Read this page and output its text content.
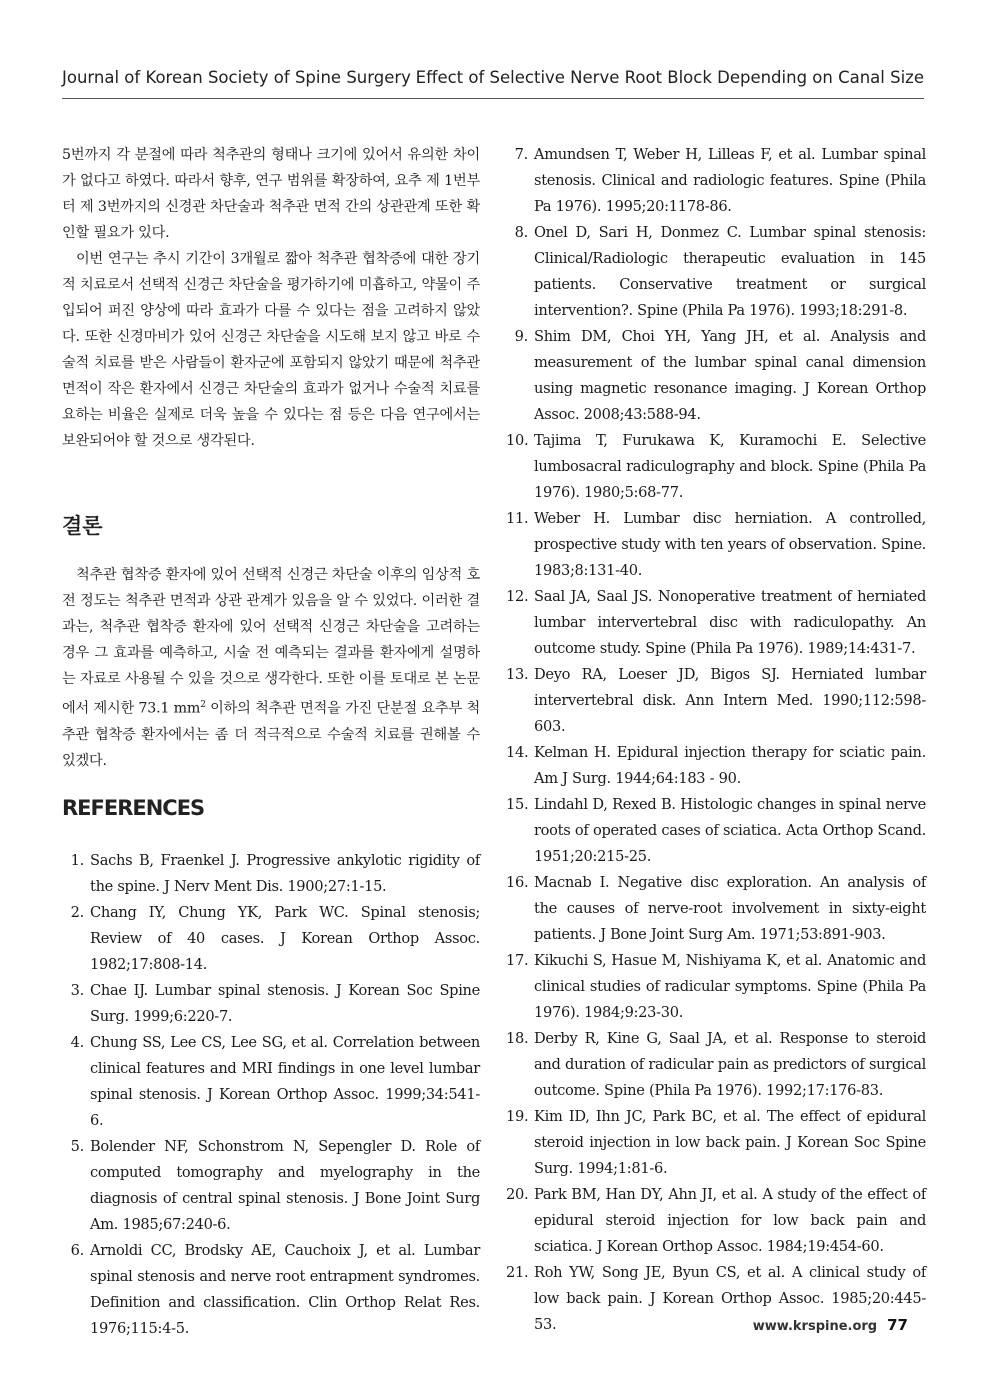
Journal of Korean Society of Spine Surgery Effect of Selective Nerve Root Block Depending on Canal Size

5번까지 각 분절에 따라 척추관의 형태나 크기에 있어서 유의한 차이가 없다고 하였다. 따라서 향후, 연구 범위를 확장하여, 요추 제 1번부터 제 3번까지의 신경관 차단술과 척추관 면적 간의 상관관계 또한 확인할 필요가 있다.

이번 연구는 추시 기간이 3개월로 짧아 척추관 협착증에 대한 장기적 치료로서 선택적 신경근 차단술을 평가하기에 미흡하고, 약물이 주입되어 퍼진 양상에 따라 효과가 다를 수 있다는 점을 고려하지 않았다. 또한 신경마비가 있어 신경근 차단술을 시도해 보지 않고 바로 수술적 치료를 받은 사람들이 환자군에 포함되지 않았기 때문에 척추관 면적이 작은 환자에서 신경근 차단술의 효과가 없거나 수술적 치료를 요하는 비율은 실제로 더욱 높을 수 있다는 점 등은 다음 연구에서는 보완되어야 할 것으로 생각된다.

결론

척추관 협착증 환자에 있어 선택적 신경근 차단술 이후의 임상적 호전 정도는 척추관 면적과 상관 관계가 있음을 알 수 있었다. 이러한 결과는, 척추관 협착증 환자에 있어 선택적 신경근 차단술을 고려하는 경우 그 효과를 예측하고, 시술 전 예측되는 결과를 환자에게 설명하는 자료로 사용될 수 있을 것으로 생각한다. 또한 이를 토대로 본 논문에서 제시한 73.1 $mm^2$ 이하의 척추관 면적을 가진 단분절 요추부 척추관 협착증 환자에서는 좀 더 적극적으로 수술적 치료를 권해볼 수 있겠다.

REFERENCES
1. Sachs B, Fraenkel J. Progressive ankylotic rigidity of the spine. J Nerv Ment Dis. 1900;27:1-15.
2. Chang IY, Chung YK, Park WC. Spinal stenosis; Review of 40 cases. J Korean Orthop Assoc. 1982;17:808-14.
3. Chae IJ. Lumbar spinal stenosis. J Korean Soc Spine Surg. 1999;6:220-7.
4. Chung SS, Lee CS, Lee SG, et al. Correlation between clinical features and MRI findings in one level lumbar spinal stenosis. J Korean Orthop Assoc. 1999;34:541-6.
5. Bolender NF, Schonstrom N, Sepengler D. Role of computed tomography and myelography in the diagnosis of central spinal stenosis. J Bone Joint Surg Am. 1985;67:240-6.
6. Arnoldi CC, Brodsky AE, Cauchoix J, et al. Lumbar spinal stenosis and nerve root entrapment syndromes. Definition and classification. Clin Orthop Relat Res. 1976;115:4-5.
7. Amundsen T, Weber H, Lilleas F, et al. Lumbar spinal stenosis. Clinical and radiologic features. Spine (Phila Pa 1976). 1995;20:1178-86.
8. Onel D, Sari H, Donmez C. Lumbar spinal stenosis: Clinical/Radiologic therapeutic evaluation in 145 patients. Conservative treatment or surgical intervention?. Spine (Phila Pa 1976). 1993;18:291-8.
9. Shim DM, Choi YH, Yang JH, et al. Analysis and measurement of the lumbar spinal canal dimension using magnetic resonance imaging. J Korean Orthop Assoc. 2008;43:588-94.
10. Tajima T, Furukawa K, Kuramochi E. Selective lumbosacral radiculography and block. Spine (Phila Pa 1976). 1980;5:68-77.
11. Weber H. Lumbar disc herniation. A controlled, prospective study with ten years of observation. Spine. 1983;8:131-40.
12. Saal JA, Saal JS. Nonoperative treatment of herniated lumbar intervertebral disc with radiculopathy. An outcome study. Spine (Phila Pa 1976). 1989;14:431-7.
13. Deyo RA, Loeser JD, Bigos SJ. Herniated lumbar intervertebral disk. Ann Intern Med. 1990;112:598-603.
14. Kelman H. Epidural injection therapy for sciatic pain. Am J Surg. 1944;64:183 - 90.
15. Lindahl D, Rexed B. Histologic changes in spinal nerve roots of operated cases of sciatica. Acta Orthop Scand. 1951;20:215-25.
16. Macnab I. Negative disc exploration. An analysis of the causes of nerve-root involvement in sixty-eight patients. J Bone Joint Surg Am. 1971;53:891-903.
17. Kikuchi S, Hasue M, Nishiyama K, et al. Anatomic and clinical studies of radicular symptoms. Spine (Phila Pa 1976). 1984;9:23-30.
18. Derby R, Kine G, Saal JA, et al. Response to steroid and duration of radicular pain as predictors of surgical outcome. Spine (Phila Pa 1976). 1992;17:176-83.
19. Kim ID, Ihn JC, Park BC, et al. The effect of epidural steroid injection in low back pain. J Korean Soc Spine Surg. 1994;1:81-6.
20. Park BM, Han DY, Ahn JI, et al. A study of the effect of epidural steroid injection for low back pain and sciatica. J Korean Orthop Assoc. 1984;19:454-60.
21. Roh YW, Song JE, Byun CS, et al. A clinical study of low back pain. J Korean Orthop Assoc. 1985;20:445-53.	www.krspine.org 77
